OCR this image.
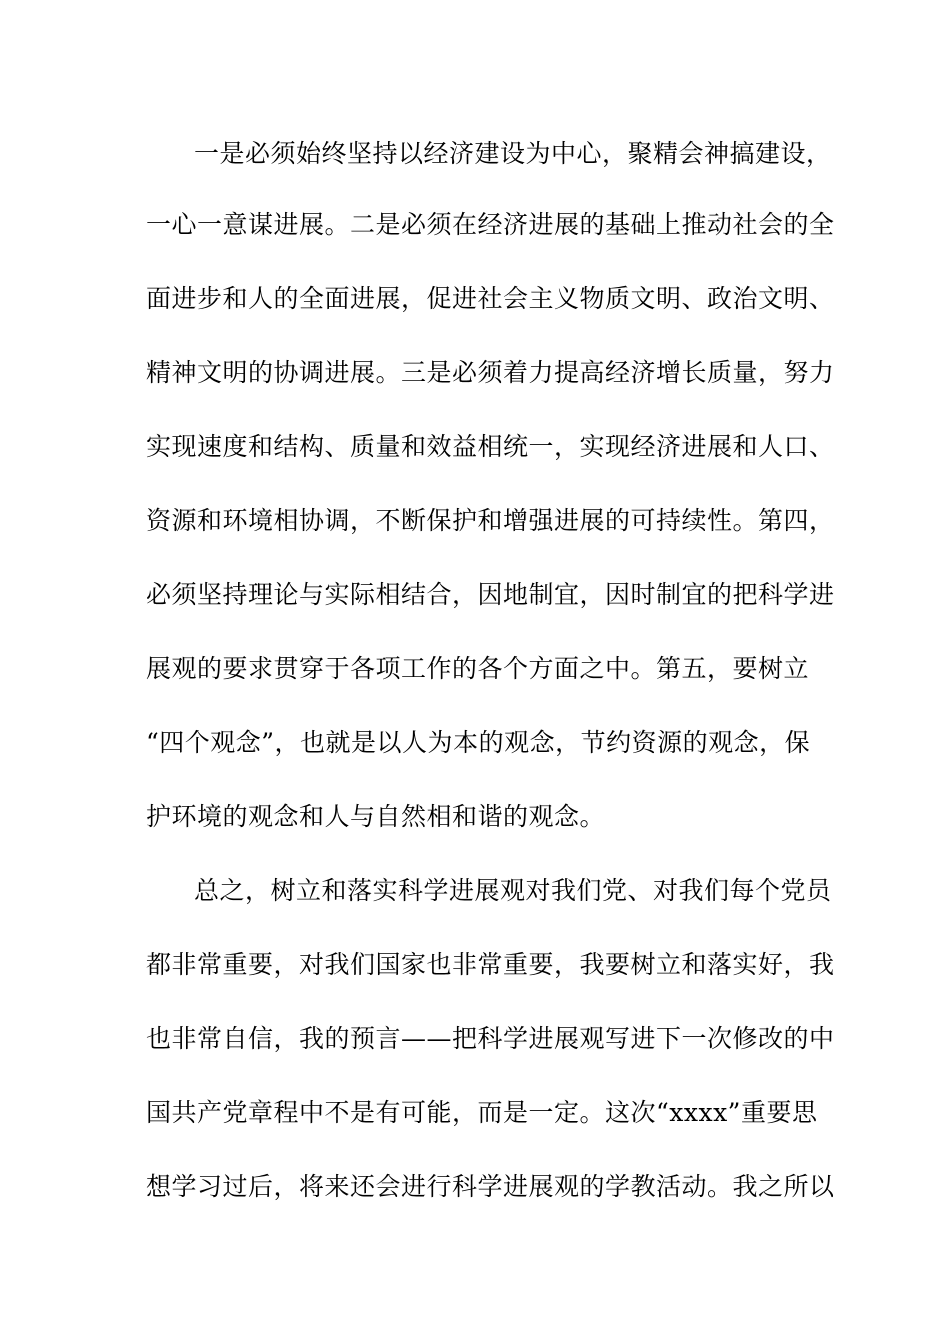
一是必须始终坚持以经济建设为中心，聚精会神搞建设，
一心一意谋进展。二是必须在经济进展的基础上推动社会的全
面进步和人的全面进展，促进社会主义物质文明、政治文明、
精神文明的协调进展。三是必须着力提高经济增长质量，努力
实现速度和结构、质量和效益相统一，实现经济进展和人口、
资源和环境相协调，不断保护和增强进展的可持续性。第四，
必须坚持理论与实际相结合，因地制宜，因时制宜的把科学进
展观的要求贯穿于各项工作的各个方面之中。第五，要树立
“四个观念”，也就是以人为本的观念，节约资源的观念，保
护环境的观念和人与自然相和谐的观念。
总之，树立和落实科学进展观对我们党、对我们每个党员
都非常重要，对我们国家也非常重要，我要树立和落实好，我
也非常自信，我的预言——把科学进展观写进下一次修改的中
国共产党章程中不是有可能，而是一定。这次“xxxx”重要思
想学习过后，将来还会进行科学进展观的学教活动。我之所以
